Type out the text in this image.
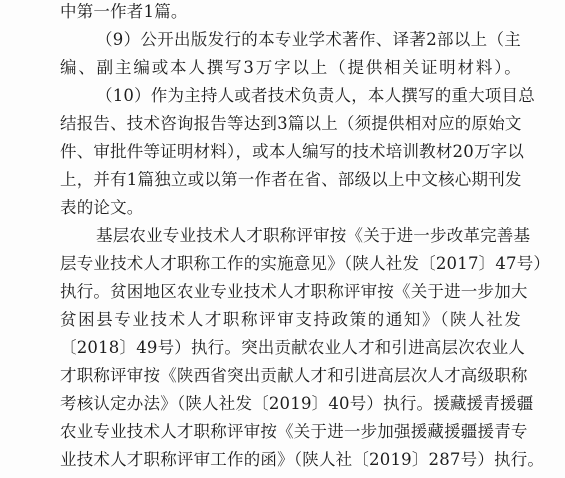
中第一作者1篇。
（9）公开出版发行的本专业学术著作、译著2部以上（主
编、副主编或本人撰写3万字以上（提供相关证明材料）。
（10）作为主持人或者技术负责人，本人撰写的重大项目总
结报告、技术咨询报告等达到3篇以上（须提供相对应的原始文
件、审批件等证明材料），或本人编写的技术培训教材20万字以
上，并有1篇独立或以第一作者在省、部级以上中文核心期刊发
表的论文。
基层农业专业技术人才职称评审按《关于进一步改革完善基
层专业技术人才职称工作的实施意见》（陕人社发〔2017〕47号）
执行。贫困地区农业专业技术人才职称评审按《关于进一步加大
贫困县专业技术人才职称评审支持政策的通知》（陕人社发
〔2018〕49号）执行。突出贡献农业人才和引进高层次农业人
才职称评审按《陕西省突出贡献人才和引进高层次人才高级职称
考核认定办法》（陕人社发〔2019〕40号）执行。援藏援青援疆
农业专业技术人才职称评审按《关于进一步加强援藏援疆援青专
业技术人才职称评审工作的函》（陕人社〔2019〕287号）执行。
